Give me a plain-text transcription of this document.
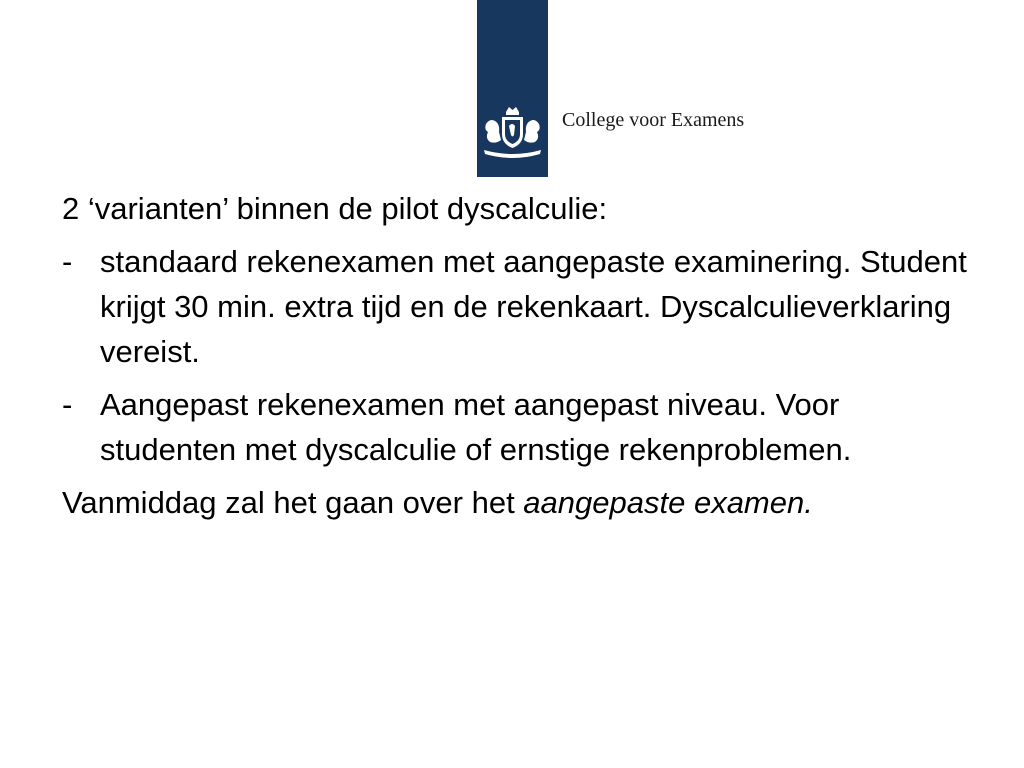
College voor Examens

2 ‘varianten’ binnen de pilot dyscalculie:

- standaard rekenexamen met aangepaste examinering. Student krijgt 30 min. extra tijd en de rekenkaart. Dyscalculieverklaring vereist.
- Aangepast rekenexamen met aangepast niveau. Voor studenten met dyscalculie of ernstige rekenproblemen.

Vanmiddag zal het gaan over het aangepaste examen.
